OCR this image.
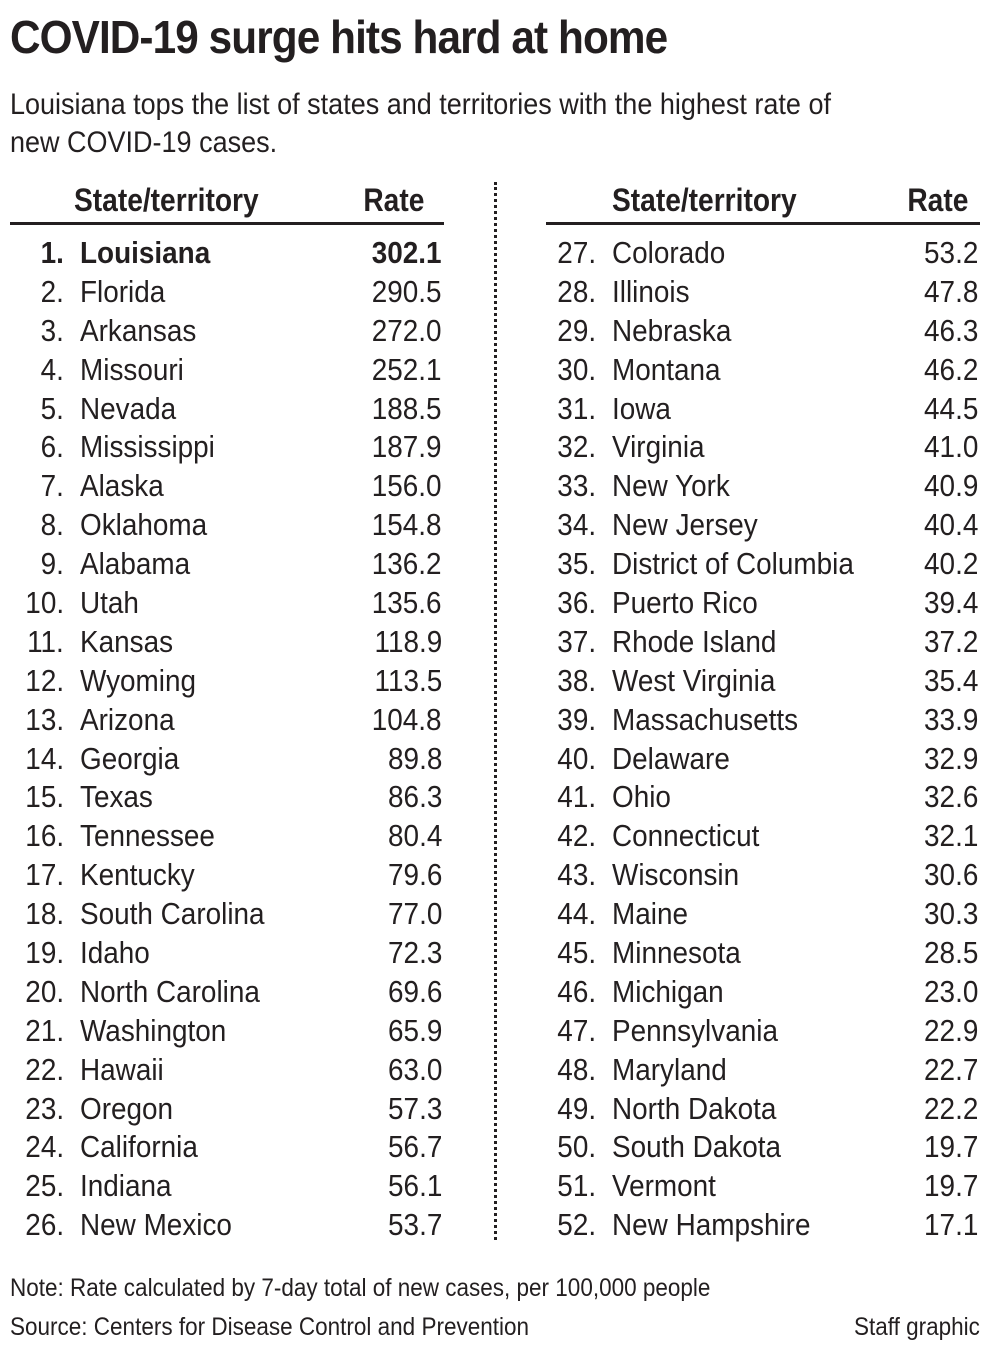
COVID-19 surge hits hard at home
Louisiana tops the list of states and territories with the highest rate of new COVID-19 cases.
State/territory	Rate
1. Louisiana	302.1
2. Florida	290.5
3. Arkansas	272.0
4. Missouri	252.1
5. Nevada	188.5
6. Mississippi	187.9
7. Alaska	156.0
8. Oklahoma	154.8
9. Alabama	136.2
10. Utah	135.6
11. Kansas	118.9
12. Wyoming	113.5
13. Arizona	104.8
14. Georgia	89.8
15. Texas	86.3
16. Tennessee	80.4
17. Kentucky	79.6
18. South Carolina	77.0
19. Idaho	72.3
20. North Carolina	69.6
21. Washington	65.9
22. Hawaii	63.0
23. Oregon	57.3
24. California	56.7
25. Indiana	56.1
26. New Mexico	53.7
State/territory	Rate
27. Colorado	53.2
28. Illinois	47.8
29. Nebraska	46.3
30. Montana	46.2
31. Iowa	44.5
32. Virginia	41.0
33. New York	40.9
34. New Jersey	40.4
35. District of Columbia 40.2
36. Puerto Rico	39.4
37. Rhode Island	37.2
38. West Virginia	35.4
39. Massachusetts	33.9
40. Delaware	32.9
41. Ohio	32.6
42. Connecticut	32.1
43. Wisconsin	30.6
44. Maine	30.3
45. Minnesota	28.5
46. Michigan	23.0
47. Pennsylvania	22.9
48. Maryland	22.7
49. North Dakota	22.2
50. South Dakota	19.7
51. Vermont	19.7
52. New Hampshire	17.1
Note: Rate calculated by 7-day total of new cases, per 100,000 people
Source: Centers for Disease Control and Prevention	Staff graphic
